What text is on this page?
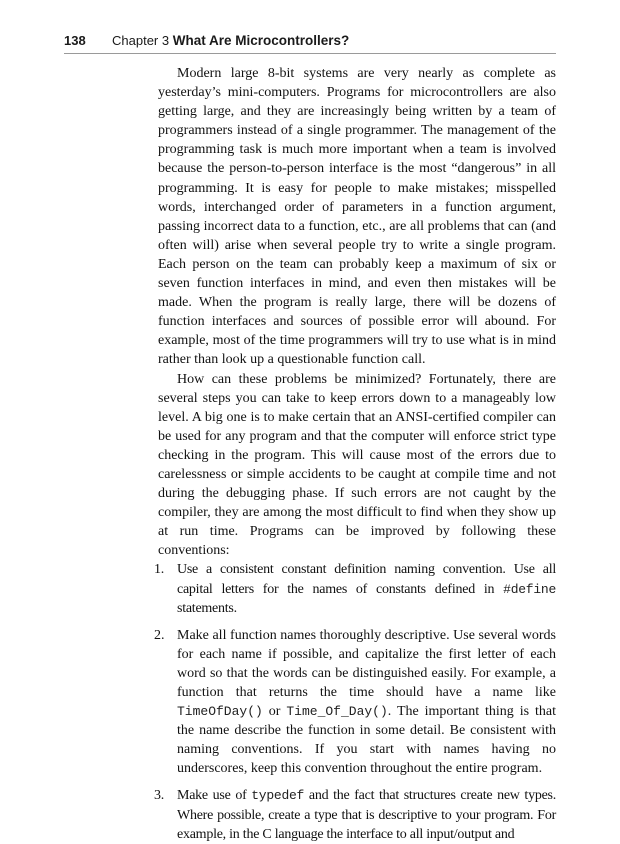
138 Chapter 3 What Are Microcontrollers?

Modern large 8-bit systems are very nearly as complete as yesterday’s mini-computers. Programs for microcontrollers are also getting large, and they are increasingly being written by a team of programmers instead of a single programmer. The management of the programming task is much more important when a team is involved because the person-to-person interface is the most “dangerous” in all programming. It is easy for people to make mistakes; misspelled words, interchanged order of parameters in a function argument, passing incorrect data to a function, etc., are all problems that can (and often will) arise when several people try to write a single program. Each person on the team can probably keep a maximum of six or seven function interfaces in mind, and even then mistakes will be made. When the program is really large, there will be dozens of function interfaces and sources of possible error will abound. For example, most of the time programmers will try to use what is in mind rather than look up a questionable function call.

How can these problems be minimized? Fortunately, there are several steps you can take to keep errors down to a manageably low level. A big one is to make certain that an ANSI-certified compiler can be used for any program and that the computer will enforce strict type checking in the program. This will cause most of the errors due to carelessness or simple accidents to be caught at compile time and not during the debugging phase. If such errors are not caught by the compiler, they are among the most difficult to find when they show up at run time. Programs can be improved by following these conventions:

1. Use a consistent constant definition naming convention. Use all capital letters for the names of constants defined in #define statements.
2. Make all function names thoroughly descriptive. Use several words for each name if possible, and capitalize the first letter of each word so that the words can be distinguished easily. For example, a function that returns the time should have a name like TimeOfDay() or Time_Of_Day(). The important thing is that the name describe the function in some detail. Be consistent with naming conventions. If you start with names having no underscores, keep this convention throughout the entire program.
3. Make use of typedef and the fact that structures create new types. Where possible, create a type that is descriptive to your program. For example, in the C language the interface to all input/output and
